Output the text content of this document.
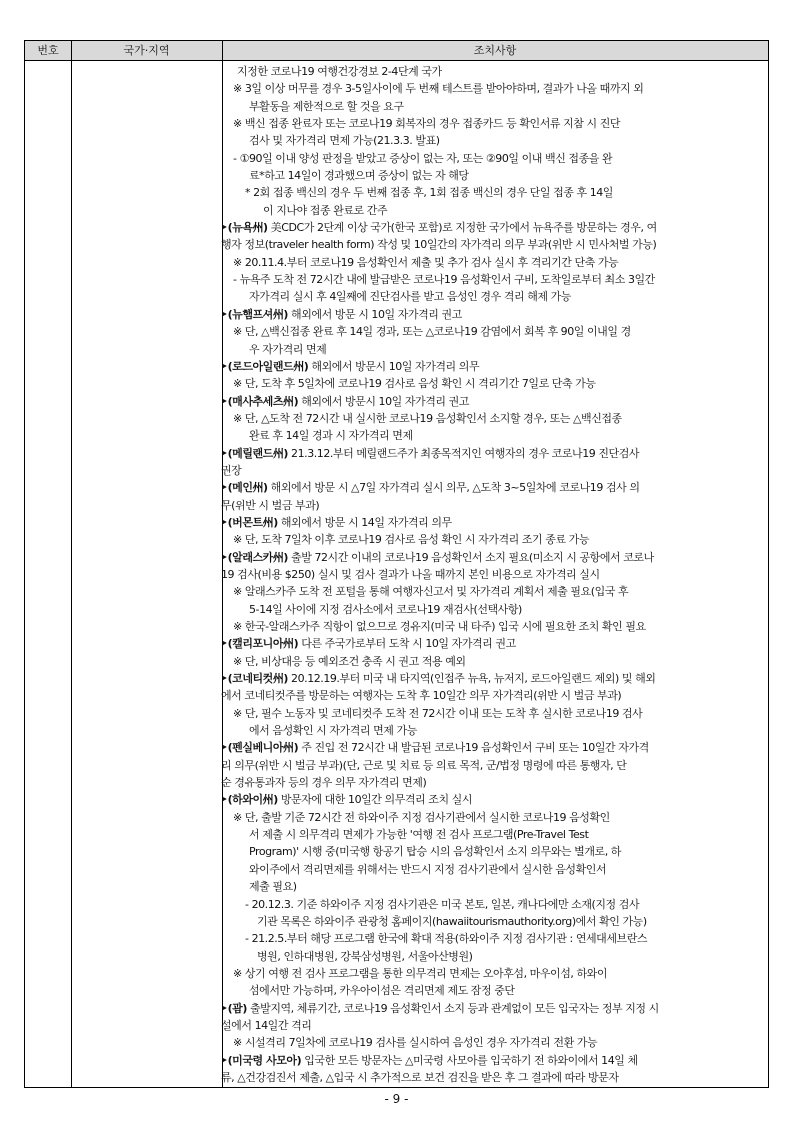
번호	국가·지역	조치사항
지정한 코로나19 여행건강경보 2-4단계 국가
※ 3일 이상 머무를 경우 3-5일사이에 두 번째 테스트를 받아야하며, 결과가 나올 때까지 외
부활동을 제한적으로 할 것을 요구
※ 백신 접종 완료자 또는 코로나19 회복자의 경우 접종카드 등 확인서류 지참 시 진단
검사 및 자가격리 면제 가능(21.3.3. 발표)
- ①90일 이내 양성 판정을 받았고 증상이 없는 자, 또는 ②90일 이내 백신 접종을 완
료*하고 14일이 경과했으며 증상이 없는 자 해당
* 2회 접종 백신의 경우 두 번째 접종 후, 1회 접종 백신의 경우 단일 접종 후 14일
이 지나야 접종 완료로 간주
‣(뉴욕州) 美CDC가 2단계 이상 국가(한국 포함)로 지정한 국가에서 뉴욕주를 방문하는 경우, 여
행자 정보(traveler health form) 작성 및 10일간의 자가격리 의무 부과(위반 시 민사처벌 가능)
※ 20.11.4.부터 코로나19 음성확인서 제출 및 추가 검사 실시 후 격리기간 단축 가능
- 뉴욕주 도착 전 72시간 내에 발급받은 코로나19 음성확인서 구비, 도착일로부터 최소 3일간
자가격리 실시 후 4일째에 진단검사를 받고 음성인 경우 격리 해제 가능
‣(뉴햄프셔州) 해외에서 방문 시 10일 자가격리 권고
※ 단, △백신접종 완료 후 14일 경과, 또는 △코로나19 감염에서 회복 후 90일 이내일 경
우 자가격리 면제
‣(로드아일랜드州) 해외에서 방문시 10일 자가격리 의무
※ 단, 도착 후 5일차에 코로나19 검사로 음성 확인 시 격리기간 7일로 단축 가능
‣(매사추세츠州) 해외에서 방문시 10일 자가격리 권고
※ 단, △도착 전 72시간 내 실시한 코로나19 음성확인서 소지할 경우, 또는 △백신접종
완료 후 14일 경과 시 자가격리 면제
‣(메릴랜드州) 21.3.12.부터 메릴랜드주가 최종목적지인 여행자의 경우 코로나19 진단검사
권장
‣(메인州) 해외에서 방문 시 △7일 자가격리 실시 의무, △도착 3~5일차에 코로나19 검사 의
무(위반 시 벌금 부과)
‣(버몬트州) 해외에서 방문 시 14일 자가격리 의무
※ 단, 도착 7일차 이후 코로나19 검사로 음성 확인 시 자가격리 조기 종료 가능
‣(알래스카州) 출발 72시간 이내의 코로나19 음성확인서 소지 필요(미소지 시 공항에서 코로나
19 검사(비용 $250) 실시 및 검사 결과가 나올 때까지 본인 비용으로 자가격리 실시
※ 알래스카주 도착 전 포털을 통해 여행자신고서 및 자가격리 계획서 제출 필요(입국 후
5-14일 사이에 지정 검사소에서 코로나19 재검사(선택사항)
※ 한국-알래스카주 직항이 없으므로 경유지(미국 내 타주) 입국 시에 필요한 조치 확인 필요
‣(캘리포니아州) 다른 주국가로부터 도착 시 10일 자가격리 권고
※ 단, 비상대응 등 예외조건 충족 시 권고 적용 예외
‣(코네티컷州) 20.12.19.부터 미국 내 타지역(인접주 뉴욕, 뉴저지, 로드아일랜드 제외) 및 해외
에서 코네티컷주를 방문하는 여행자는 도착 후 10일간 의무 자가격리(위반 시 벌금 부과)
※ 단, 필수 노동자 및 코네티컷주 도착 전 72시간 이내 또는 도착 후 실시한 코로나19 검사
에서 음성확인 시 자가격리 면제 가능
‣(펜실베니아州) 주 진입 전 72시간 내 발급된 코로나19 음성확인서 구비 또는 10일간 자가격
리 의무(위반 시 벌금 부과)(단, 근로 및 치료 등 의료 목적, 군/법정 명령에 따른 통행자, 단
순 경유통과자 등의 경우 의무 자가격리 면제)
‣(하와이州) 방문자에 대한 10일간 의무격리 조치 실시
※ 단, 출발 기준 72시간 전 하와이주 지정 검사기관에서 실시한 코로나19 음성확인
서 제출 시 의무격리 면제가 가능한 '여행 전 검사 프로그램(Pre-Travel Test
Program)' 시행 중(미국행 항공기 탑승 시의 음성확인서 소지 의무와는 별개로, 하
와이주에서 격리면제를 위해서는 반드시 지정 검사기관에서 실시한 음성확인서
제출 필요)
- 20.12.3. 기준 하와이주 지정 검사기관은 미국 본토, 일본, 캐나다에만 소재(지정 검사
기관 목록은 하와이주 관광청 홈페이지(hawaiitourismauthority.org)에서 확인 가능)
- 21.2.5.부터 해당 프로그램 한국에 확대 적용(하와이주 지정 검사기관 : 연세대세브란스
병원, 인하대병원, 강북삼성병원, 서울아산병원)
※ 상기 여행 전 검사 프로그램을 통한 의무격리 면제는 오아후섬, 마우이섬, 하와이
섬에서만 가능하며, 카우아이섬은 격리면제 제도 잠정 중단
‣(괌) 출발지역, 체류기간, 코로나19 음성확인서 소지 등과 관계없이 모든 입국자는 정부 지정 시
설에서 14일간 격리
※ 시설격리 7일차에 코로나19 검사를 실시하여 음성인 경우 자가격리 전환 가능
‣(미국령 사모아) 입국한 모든 방문자는 △미국령 사모아를 입국하기 전 하와이에서 14일 체
류, △건강검진서 제출, △입국 시 추가적으로 보건 검진을 받은 후 그 결과에 따라 방문자
- 9 -
